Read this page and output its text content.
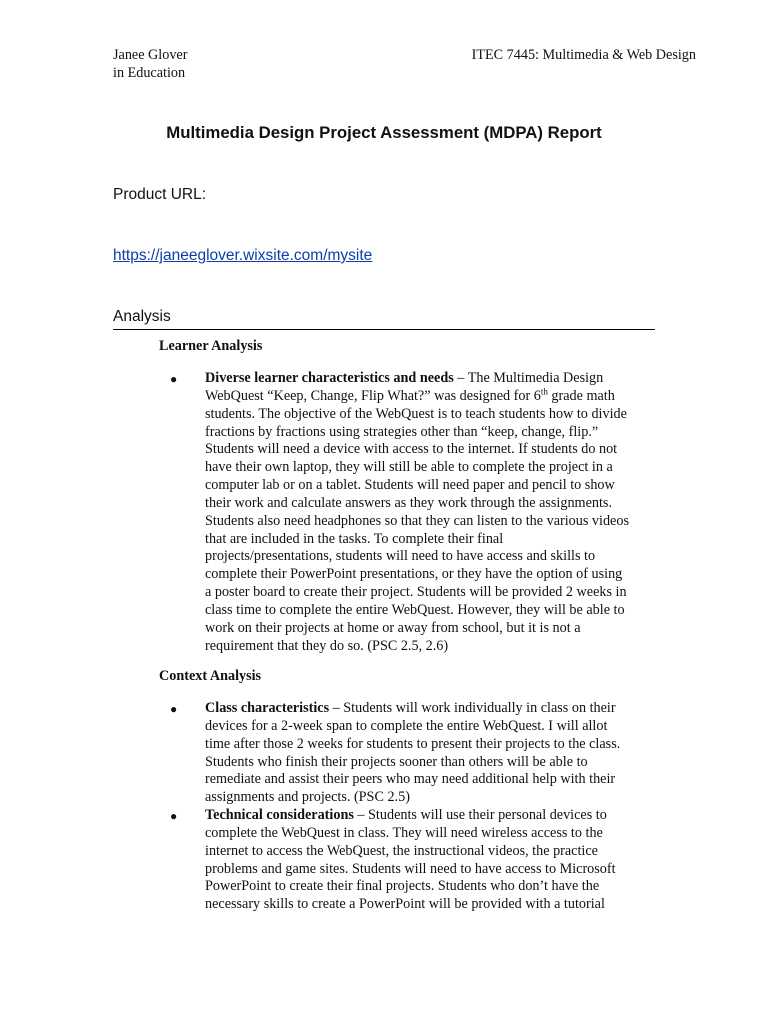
Janee Glover
in Education
ITEC 7445: Multimedia & Web Design
Multimedia Design Project Assessment (MDPA) Report
Product URL:
https://janeeglover.wixsite.com/mysite
Analysis
Learner Analysis
● Diverse learner characteristics and needs – The Multimedia Design
WebQuest “Keep, Change, Flip What?” was designed for 6th grade math
students. The objective of the WebQuest is to teach students how to divide
fractions by fractions using strategies other than “keep, change, flip.”
Students will need a device with access to the internet. If students do not
have their own laptop, they will still be able to complete the project in a
computer lab or on a tablet. Students will need paper and pencil to show
their work and calculate answers as they work through the assignments.
Students also need headphones so that they can listen to the various videos
that are included in the tasks. To complete their final
projects/presentations, students will need to have access and skills to
complete their PowerPoint presentations, or they have the option of using
a poster board to create their project. Students will be provided 2 weeks in
class time to complete the entire WebQuest. However, they will be able to
work on their projects at home or away from school, but it is not a
requirement that they do so. (PSC 2.5, 2.6)
Context Analysis
● Class characteristics – Students will work individually in class on their
devices for a 2-week span to complete the entire WebQuest. I will allot
time after those 2 weeks for students to present their projects to the class.
Students who finish their projects sooner than others will be able to
remediate and assist their peers who may need additional help with their
assignments and projects. (PSC 2.5)
● Technical considerations – Students will use their personal devices to
complete the WebQuest in class. They will need wireless access to the
internet to access the WebQuest, the instructional videos, the practice
problems and game sites. Students will need to have access to Microsoft
PowerPoint to create their final projects. Students who don’t have the
necessary skills to create a PowerPoint will be provided with a tutorial
